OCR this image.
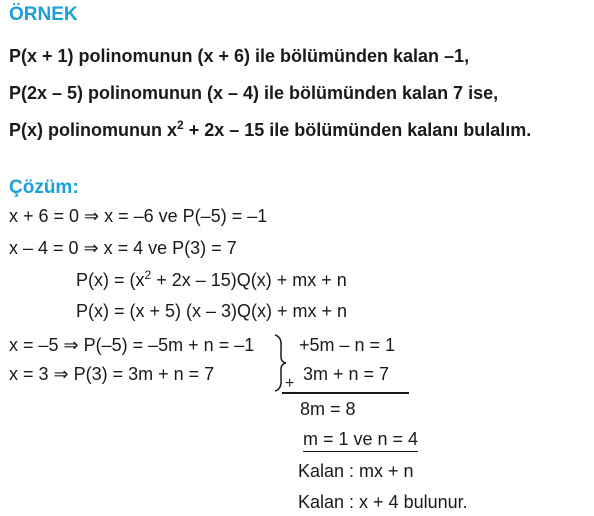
ÖRNEK
P(x + 1) polinomunun (x + 6) ile bölümünden kalan –1,
P(2x – 5) polinomunun (x – 4) ile bölümünden kalan 7 ise,
P(x) polinomunun $x^2 + 2x - 15$ ile bölümünden kalanı bulalım.
Çözüm:
x + 6 = 0 ⇒ x = –6 ve P(–5) = –1
x – 4 = 0 ⇒ x = 4 ve P(3) = 7
$P(x) = (x^2 + 2x - 15)Q(x)$ + mx + n
P(x) = (x + 5) (x – 3)Q(x) + mx + n
x = –5 ⇒ P(–5) = –5m + n = –1
x = 3 ⇒ P(3) = 3m + n = 7
+5m – n = 1
3m + n = 7
+
8m = 8
m = 1 ve n = 4
Kalan : mx + n
Kalan : x + 4 bulunur.
